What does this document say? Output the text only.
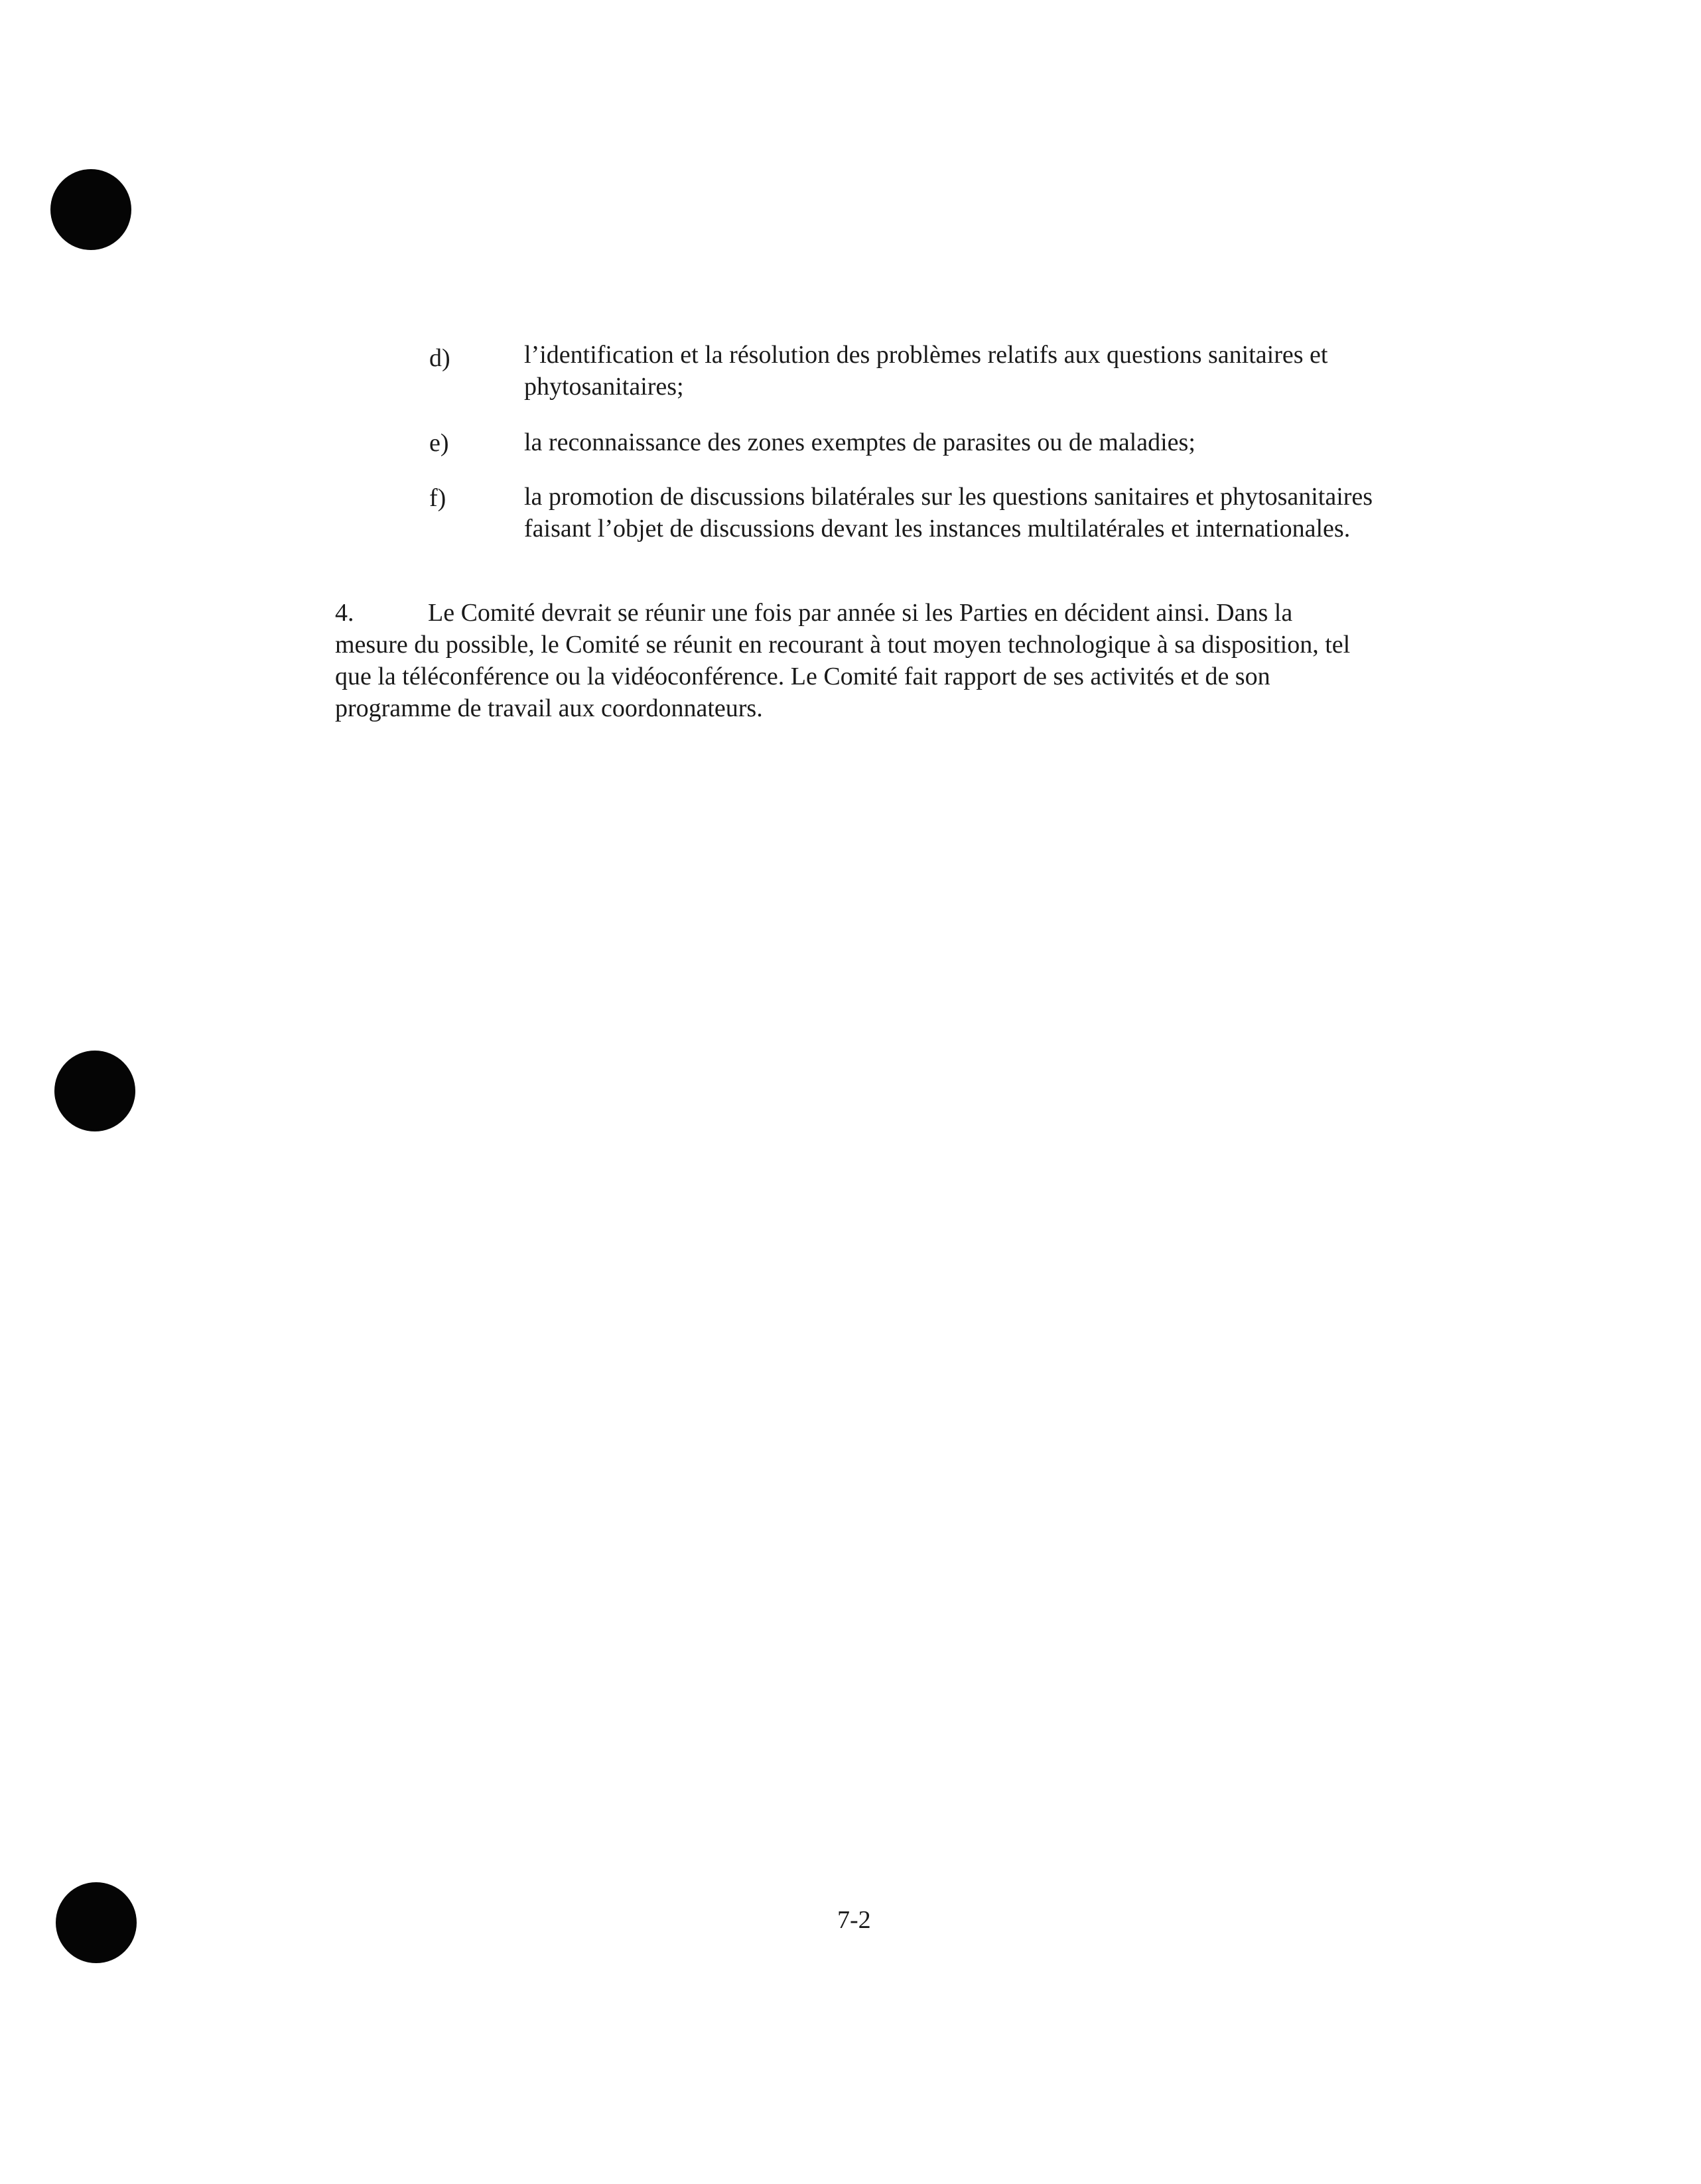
d)	l’identification et la résolution des problèmes relatifs aux questions sanitaires et phytosanitaires;
e)	la reconnaissance des zones exemptes de parasites ou de maladies;
f)	la promotion de discussions bilatérales sur les questions sanitaires et phytosanitaires faisant l’objet de discussions devant les instances multilatérales et internationales.
4.	Le Comité devrait se réunir une fois par année si les Parties en décident ainsi. Dans la mesure du possible, le Comité se réunit en recourant à tout moyen technologique à sa disposition, tel que la téléconférence ou la vidéoconférence. Le Comité fait rapport de ses activités et de son programme de travail aux coordonnateurs.
7-2
